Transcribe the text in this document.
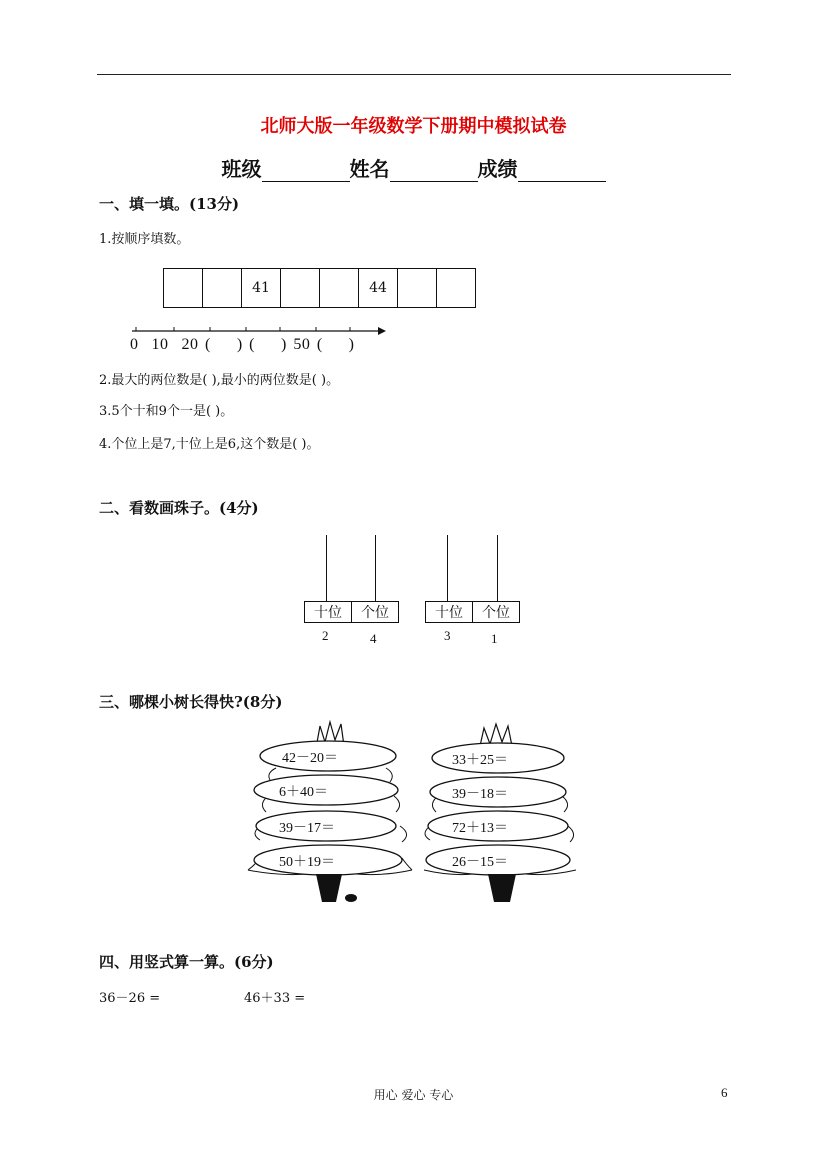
北师大版一年级数学下册期中模拟试卷
班级	姓名	成绩
一、填一填。(13分)
1.按顺序填数。
41	44
0  10  20 (    ) (    ) 50 (    )
2.最大的两位数是( ),最小的两位数是( )。
3.5个十和9个一是( )。
4.个位上是7,十位上是6,这个数是( )。
二、看数画珠子。(4分)
十位	个位
2	4
十位	个位
3	1
三、哪棵小树长得快?(8分)
42－20＝
6＋40＝
39－17＝
50＋19＝
33＋25＝
39－18＝
72＋13＝
26－15＝
四、用竖式算一算。(6分)
36－26 =	46＋33 =
用心 爱心 专心	6
